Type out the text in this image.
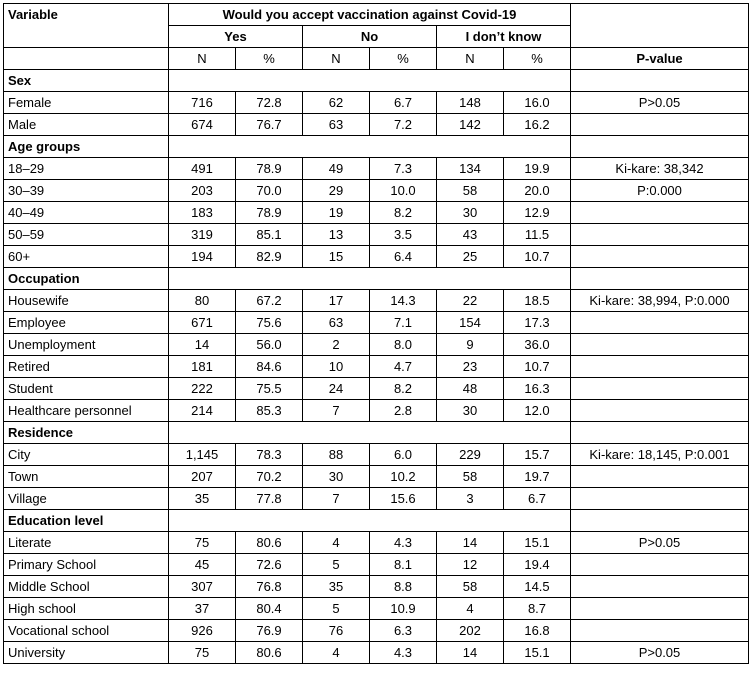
Variable	Would you accept vaccination against Covid-19						
	Yes		No		I don’t know		
	N	%	N	%	N	%	P-value
Sex							
Female	716	72.8	62	6.7	148	16.0	P>0.05
Male	674	76.7	63	7.2	142	16.2	
Age groups							
18–29	491	78.9	49	7.3	134	19.9	Ki-kare: 38,342
30–39	203	70.0	29	10.0	58	20.0	P:0.000
40–49	183	78.9	19	8.2	30	12.9	
50–59	319	85.1	13	3.5	43	11.5	
60+	194	82.9	15	6.4	25	10.7	
Occupation							
Housewife	80	67.2	17	14.3	22	18.5	Ki-kare: 38,994, P:0.000
Employee	671	75.6	63	7.1	154	17.3	
Unemployment	14	56.0	2	8.0	9	36.0	
Retired	181	84.6	10	4.7	23	10.7	
Student	222	75.5	24	8.2	48	16.3	
Healthcare personnel	214	85.3	7	2.8	30	12.0	
Residence							
City	1,145	78.3	88	6.0	229	15.7	Ki-kare: 18,145, P:0.001
Town	207	70.2	30	10.2	58	19.7	
Village	35	77.8	7	15.6	3	6.7	
Education level							
Literate	75	80.6	4	4.3	14	15.1	P>0.05
Primary School	45	72.6	5	8.1	12	19.4	
Middle School	307	76.8	35	8.8	58	14.5	
High school	37	80.4	5	10.9	4	8.7	
Vocational school	926	76.9	76	6.3	202	16.8	
University	75	80.6	4	4.3	14	15.1	P>0.05
